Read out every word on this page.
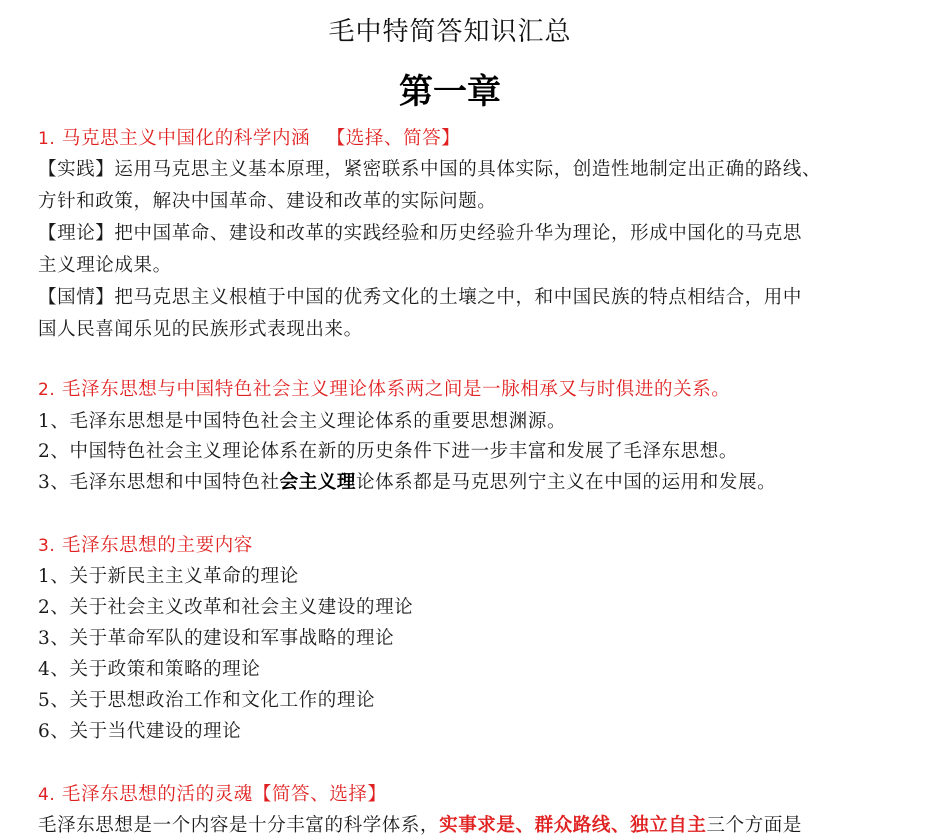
毛中特简答知识汇总
第一章
1. 马克思主义中国化的科学内涵 【选择、简答】
【实践】运用马克思主义基本原理，紧密联系中国的具体实际，创造性地制定出正确的路线、
方针和政策，解决中国革命、建设和改革的实际问题。
【理论】把中国革命、建设和改革的实践经验和历史经验升华为理论，形成中国化的马克思
主义理论成果。
【国情】把马克思主义根植于中国的优秀文化的土壤之中，和中国民族的特点相结合，用中
国人民喜闻乐见的民族形式表现出来。
2. 毛泽东思想与中国特色社会主义理论体系两之间是一脉相承又与时俱进的关系。
1、毛泽东思想是中国特色社会主义理论体系的重要思想渊源。
2、中国特色社会主义理论体系在新的历史条件下进一步丰富和发展了毛泽东思想。
3、毛泽东思想和中国特色社会主义理论体系都是马克思列宁主义在中国的运用和发展。
3. 毛泽东思想的主要内容
1、关于新民主主义革命的理论
2、关于社会主义改革和社会主义建设的理论
3、关于革命军队的建设和军事战略的理论
4、关于政策和策略的理论
5、关于思想政治工作和文化工作的理论
6、关于当代建设的理论
4. 毛泽东思想的活的灵魂【简答、选择】
毛泽东思想是一个内容是十分丰富的科学体系，实事求是、群众路线、独立自主三个方面是
